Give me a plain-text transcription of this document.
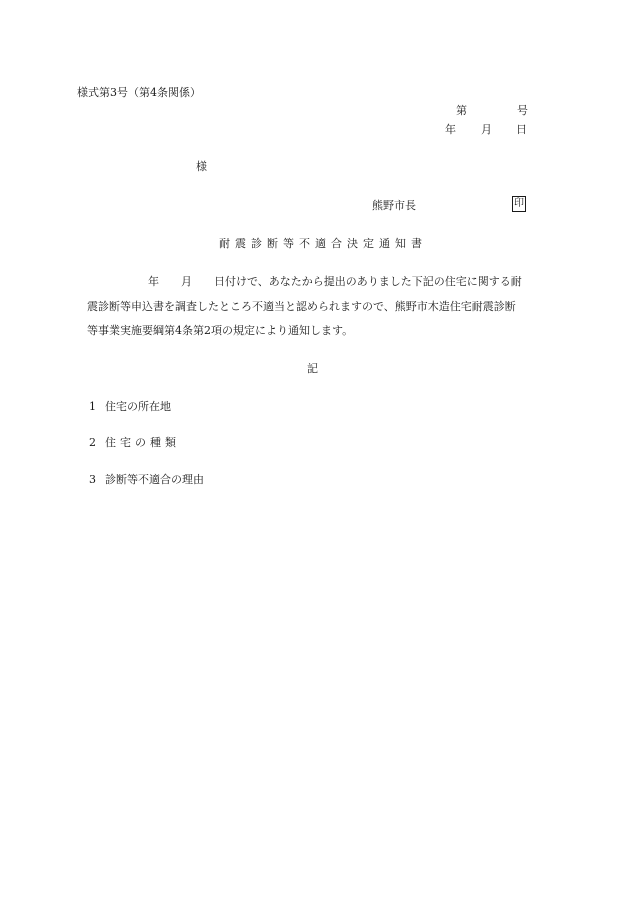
様式第3号（第4条関係）
第	号
年 月 日
様
熊野市長	印
耐震診断等不適合決定通知書
年 月 日付けで、あなたから提出のありました下記の住宅に関する耐
震診断等申込書を調査したところ不適当と認められますので、熊野市木造住宅耐震診断
等事業実施要綱第4条第2項の規定により通知します。
記
1 住宅の所在地
2 住宅の種類
3 診断等不適合の理由
